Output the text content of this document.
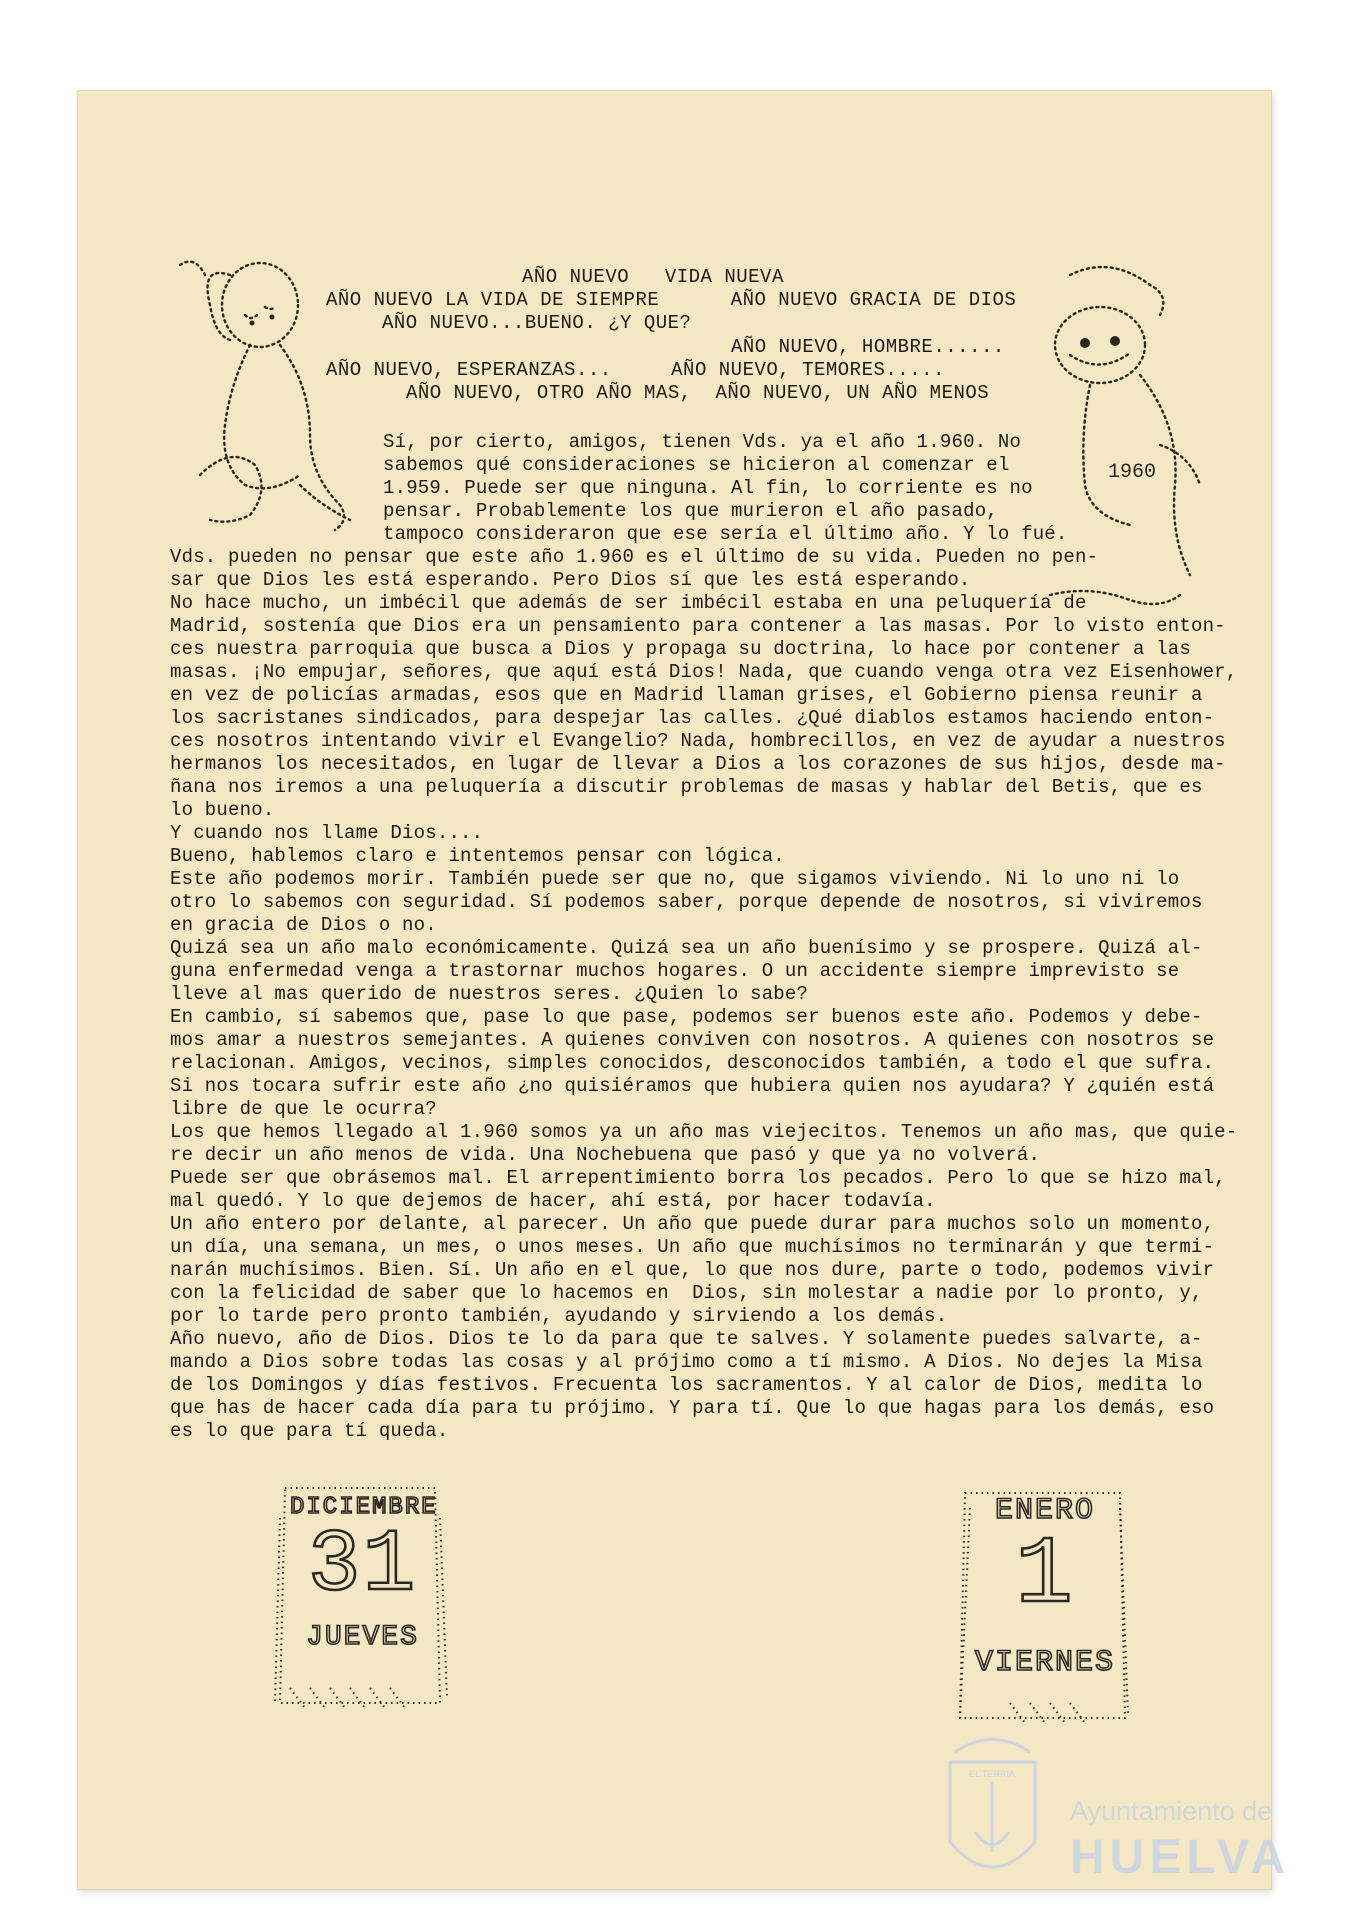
1960
AÑO NUEVO   VIDA NUEVA
AÑO NUEVO LA VIDA DE SIEMPRE      AÑO NUEVO GRACIA DE DIOS
AÑO NUEVO...BUENO. ¿Y QUE?
AÑO NUEVO, HOMBRE......
AÑO NUEVO, ESPERANZAS...     AÑO NUEVO, TEMORES.....
AÑO NUEVO, OTRO AÑO MAS,  AÑO NUEVO, UN AÑO MENOS
Sí, por cierto, amigos, tienen Vds. ya el año 1.960. No
sabemos qué consideraciones se hicieron al comenzar el
1.959. Puede ser que ninguna. Al fin, lo corriente es no
pensar. Probablemente los que murieron el año pasado,
tampoco consideraron que ese sería el último año. Y lo fué.
Vds. pueden no pensar que este año 1.960 es el último de su vida. Pueden no pen-
sar que Dios les está esperando. Pero Dios sí que les está esperando.
No hace mucho, un imbécil que además de ser imbécil estaba en una peluquería de
Madrid, sostenía que Dios era un pensamiento para contener a las masas. Por lo visto enton-
ces nuestra parroquia que busca a Dios y propaga su doctrina, lo hace por contener a las
masas. ¡No empujar, señores, que aquí está Dios! Nada, que cuando venga otra vez Eisenhower,
en vez de policías armadas, esos que en Madrid llaman grises, el Gobierno piensa reunir a
los sacristanes sindicados, para despejar las calles. ¿Qué diablos estamos haciendo enton-
ces nosotros intentando vivir el Evangelio? Nada, hombrecillos, en vez de ayudar a nuestros
hermanos los necesitados, en lugar de llevar a Dios a los corazones de sus hijos, desde ma-
ñana nos iremos a una peluquería a discutir problemas de masas y hablar del Betis, que es
lo bueno.
Y cuando nos llame Dios....
Bueno, hablemos claro e intentemos pensar con lógica.
Este año podemos morir. También puede ser que no, que sigamos viviendo. Ni lo uno ni lo
otro lo sabemos con seguridad. Sí podemos saber, porque depende de nosotros, si viviremos
en gracia de Dios o no.
Quizá sea un año malo económicamente. Quizá sea un año buenísimo y se prospere. Quizá al-
guna enfermedad venga a trastornar muchos hogares. O un accidente siempre imprevisto se
lleve al mas querido de nuestros seres. ¿Quien lo sabe?
En cambio, sí sabemos que, pase lo que pase, podemos ser buenos este año. Podemos y debe-
mos amar a nuestros semejantes. A quienes conviven con nosotros. A quienes con nosotros se
relacionan. Amigos, vecinos, simples conocidos, desconocidos también, a todo el que sufra.
Si nos tocara sufrir este año ¿no quisiéramos que hubiera quien nos ayudara? Y ¿quién está
libre de que le ocurra?
Los que hemos llegado al 1.960 somos ya un año mas viejecitos. Tenemos un año mas, que quie-
re decir un año menos de vida. Una Nochebuena que pasó y que ya no volverá.
Puede ser que obrásemos mal. El arrepentimiento borra los pecados. Pero lo que se hizo mal,
mal quedó. Y lo que dejemos de hacer, ahí está, por hacer todavía.
Un año entero por delante, al parecer. Un año que puede durar para muchos solo un momento,
un día, una semana, un mes, o unos meses. Un año que muchísimos no terminarán y que termi-
narán muchísimos. Bien. Sí. Un año en el que, lo que nos dure, parte o todo, podemos vivir
con la felicidad de saber que lo hacemos en  Dios, sin molestar a nadie por lo pronto, y,
por lo tarde pero pronto también, ayudando y sirviendo a los demás.
Año nuevo, año de Dios. Dios te lo da para que te salves. Y solamente puedes salvarte, a-
mando a Dios sobre todas las cosas y al prójimo como a tí mismo. A Dios. No dejes la Misa
de los Domingos y días festivos. Frecuenta los sacramentos. Y al calor de Dios, medita lo
que has de hacer cada día para tu prójimo. Y para tí. Que lo que hagas para los demás, eso
es lo que para tí queda.
DICIEMBRE
31
JUEVES
ENERO
1
VIERNES
EL TERRIA
Ayuntamiento de
HUELVA
